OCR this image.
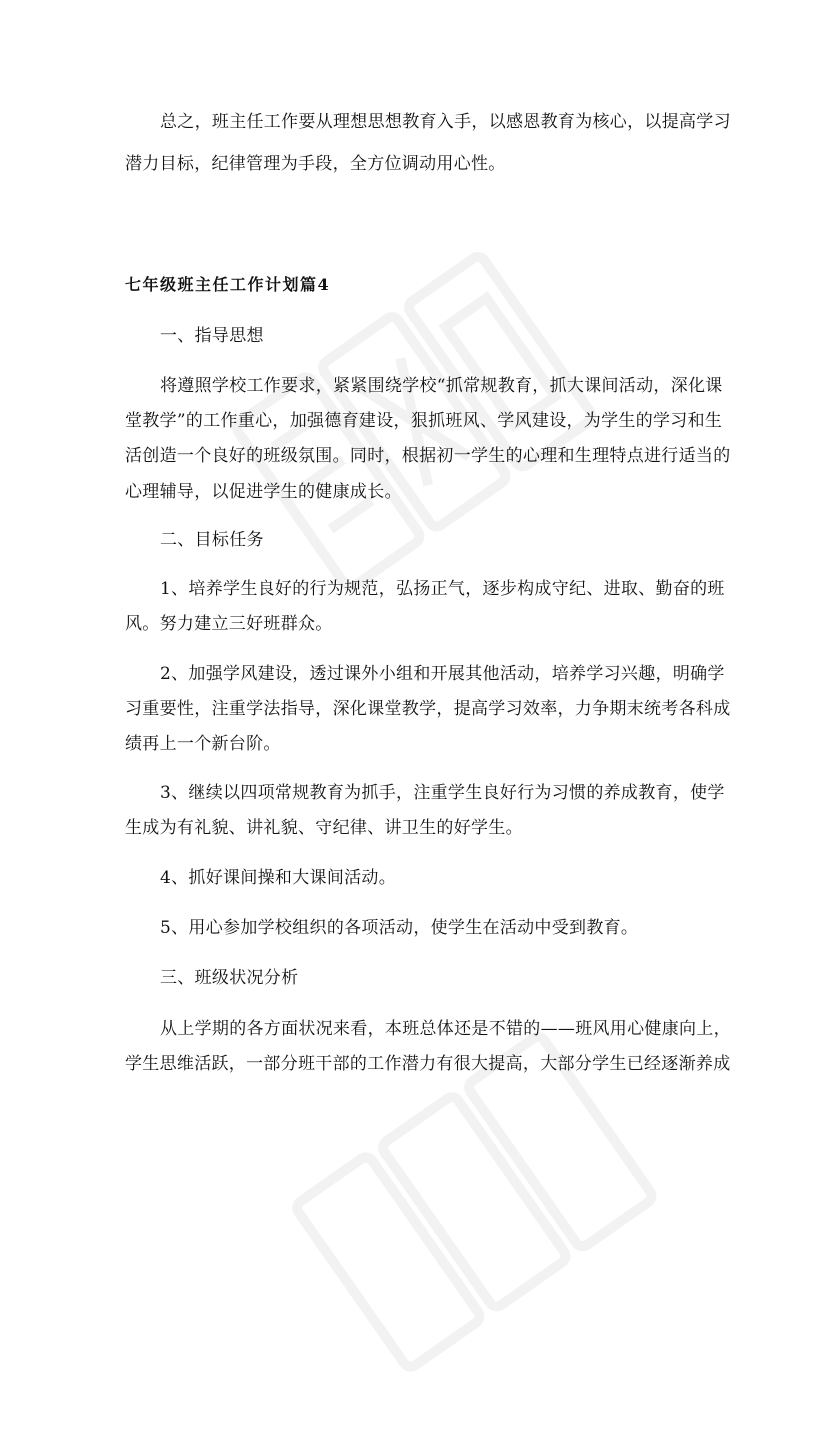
总之，班主任工作要从理想思想教育入手，以感恩教育为核心，以提高学习
潜力目标，纪律管理为手段，全方位调动用心性。
七年级班主任工作计划篇4
一、指导思想
将遵照学校工作要求，紧紧围绕学校“抓常规教育，抓大课间活动，深化课
堂教学”的工作重心，加强德育建设，狠抓班风、学风建设，为学生的学习和生
活创造一个良好的班级氛围。同时，根据初一学生的心理和生理特点进行适当的
心理辅导，以促进学生的健康成长。
二、目标任务
1、培养学生良好的行为规范，弘扬正气，逐步构成守纪、进取、勤奋的班
风。努力建立三好班群众。
2、加强学风建设，透过课外小组和开展其他活动，培养学习兴趣，明确学
习重要性，注重学法指导，深化课堂教学，提高学习效率，力争期末统考各科成
绩再上一个新台阶。
3、继续以四项常规教育为抓手，注重学生良好行为习惯的养成教育，使学
生成为有礼貌、讲礼貌、守纪律、讲卫生的好学生。
4、抓好课间操和大课间活动。
5、用心参加学校组织的各项活动，使学生在活动中受到教育。
三、班级状况分析
从上学期的各方面状况来看，本班总体还是不错的——班风用心健康向上，
学生思维活跃，一部分班干部的工作潜力有很大提高，大部分学生已经逐渐养成
